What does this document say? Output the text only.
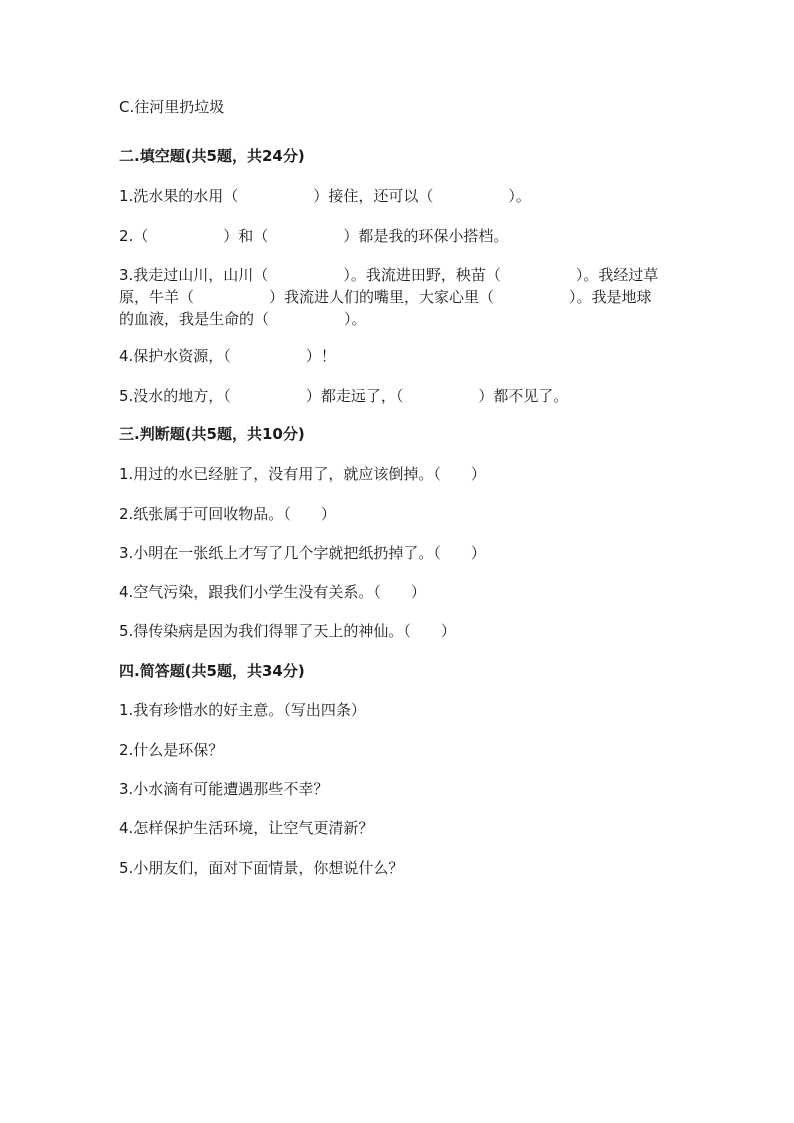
C.往河里扔垃圾
二.填空题(共5题，共24分)
1.洗水果的水用（　　　　　）接住，还可以（　　　　　）。
2.（　　　　　）和（　　　　　）都是我的环保小搭档。
3.我走过山川，山川（　　　　　）。我流进田野，秧苗（　　　　　）。我经过草原，牛羊（　　　　　）我流进人们的嘴里，大家心里（　　　　　）。我是地球的血液，我是生命的（　　　　　）。
4.保护水资源，（　　　　　）！
5.没水的地方，（　　　　　）都走远了，（　　　　　）都不见了。
三.判断题(共5题，共10分)
1.用过的水已经脏了，没有用了，就应该倒掉。（　　）
2.纸张属于可回收物品。（　　）
3.小明在一张纸上才写了几个字就把纸扔掉了。（　　）
4.空气污染，跟我们小学生没有关系。（　　）
5.得传染病是因为我们得罪了天上的神仙。（　　）
四.简答题(共5题，共34分)
1.我有珍惜水的好主意。（写出四条）
2.什么是环保？
3.小水滴有可能遭遇那些不幸？
4.怎样保护生活环境，让空气更清新？
5.小朋友们，面对下面情景，你想说什么？
